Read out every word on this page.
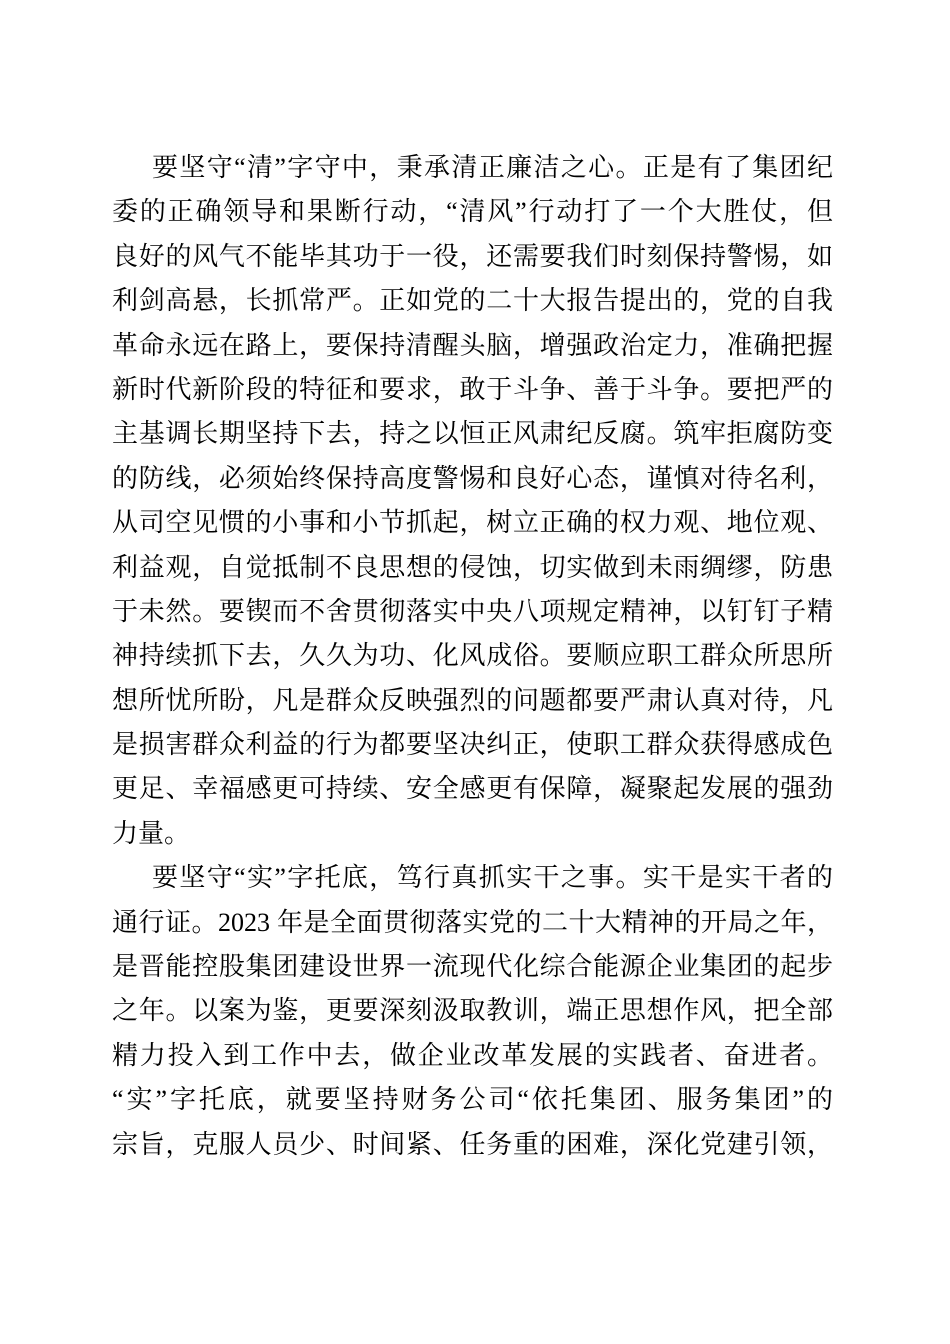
要坚守“清”字守中，秉承清正廉洁之心。正是有了集团纪
委的正确领导和果断行动，“清风”行动打了一个大胜仗，但
良好的风气不能毕其功于一役，还需要我们时刻保持警惕，如
利剑高悬，长抓常严。正如党的二十大报告提出的，党的自我
革命永远在路上，要保持清醒头脑，增强政治定力，准确把握
新时代新阶段的特征和要求，敢于斗争、善于斗争。要把严的
主基调长期坚持下去，持之以恒正风肃纪反腐。筑牢拒腐防变
的防线，必须始终保持高度警惕和良好心态，谨慎对待名利，
从司空见惯的小事和小节抓起，树立正确的权力观、地位观、
利益观，自觉抵制不良思想的侵蚀，切实做到未雨绸缪，防患
于未然。要锲而不舍贯彻落实中央八项规定精神，以钉钉子精
神持续抓下去，久久为功、化风成俗。要顺应职工群众所思所
想所忧所盼，凡是群众反映强烈的问题都要严肃认真对待，凡
是损害群众利益的行为都要坚决纠正，使职工群众获得感成色
更足、幸福感更可持续、安全感更有保障，凝聚起发展的强劲
力量。
要坚守“实”字托底，笃行真抓实干之事。实干是实干者的
通行证。2023 年是全面贯彻落实党的二十大精神的开局之年，
是晋能控股集团建设世界一流现代化综合能源企业集团的起步
之年。以案为鉴，更要深刻汲取教训，端正思想作风，把全部
精力投入到工作中去，做企业改革发展的实践者、奋进者。
“实”字托底，就要坚持财务公司“依托集团、服务集团”的
宗旨，克服人员少、时间紧、任务重的困难，深化党建引领，
